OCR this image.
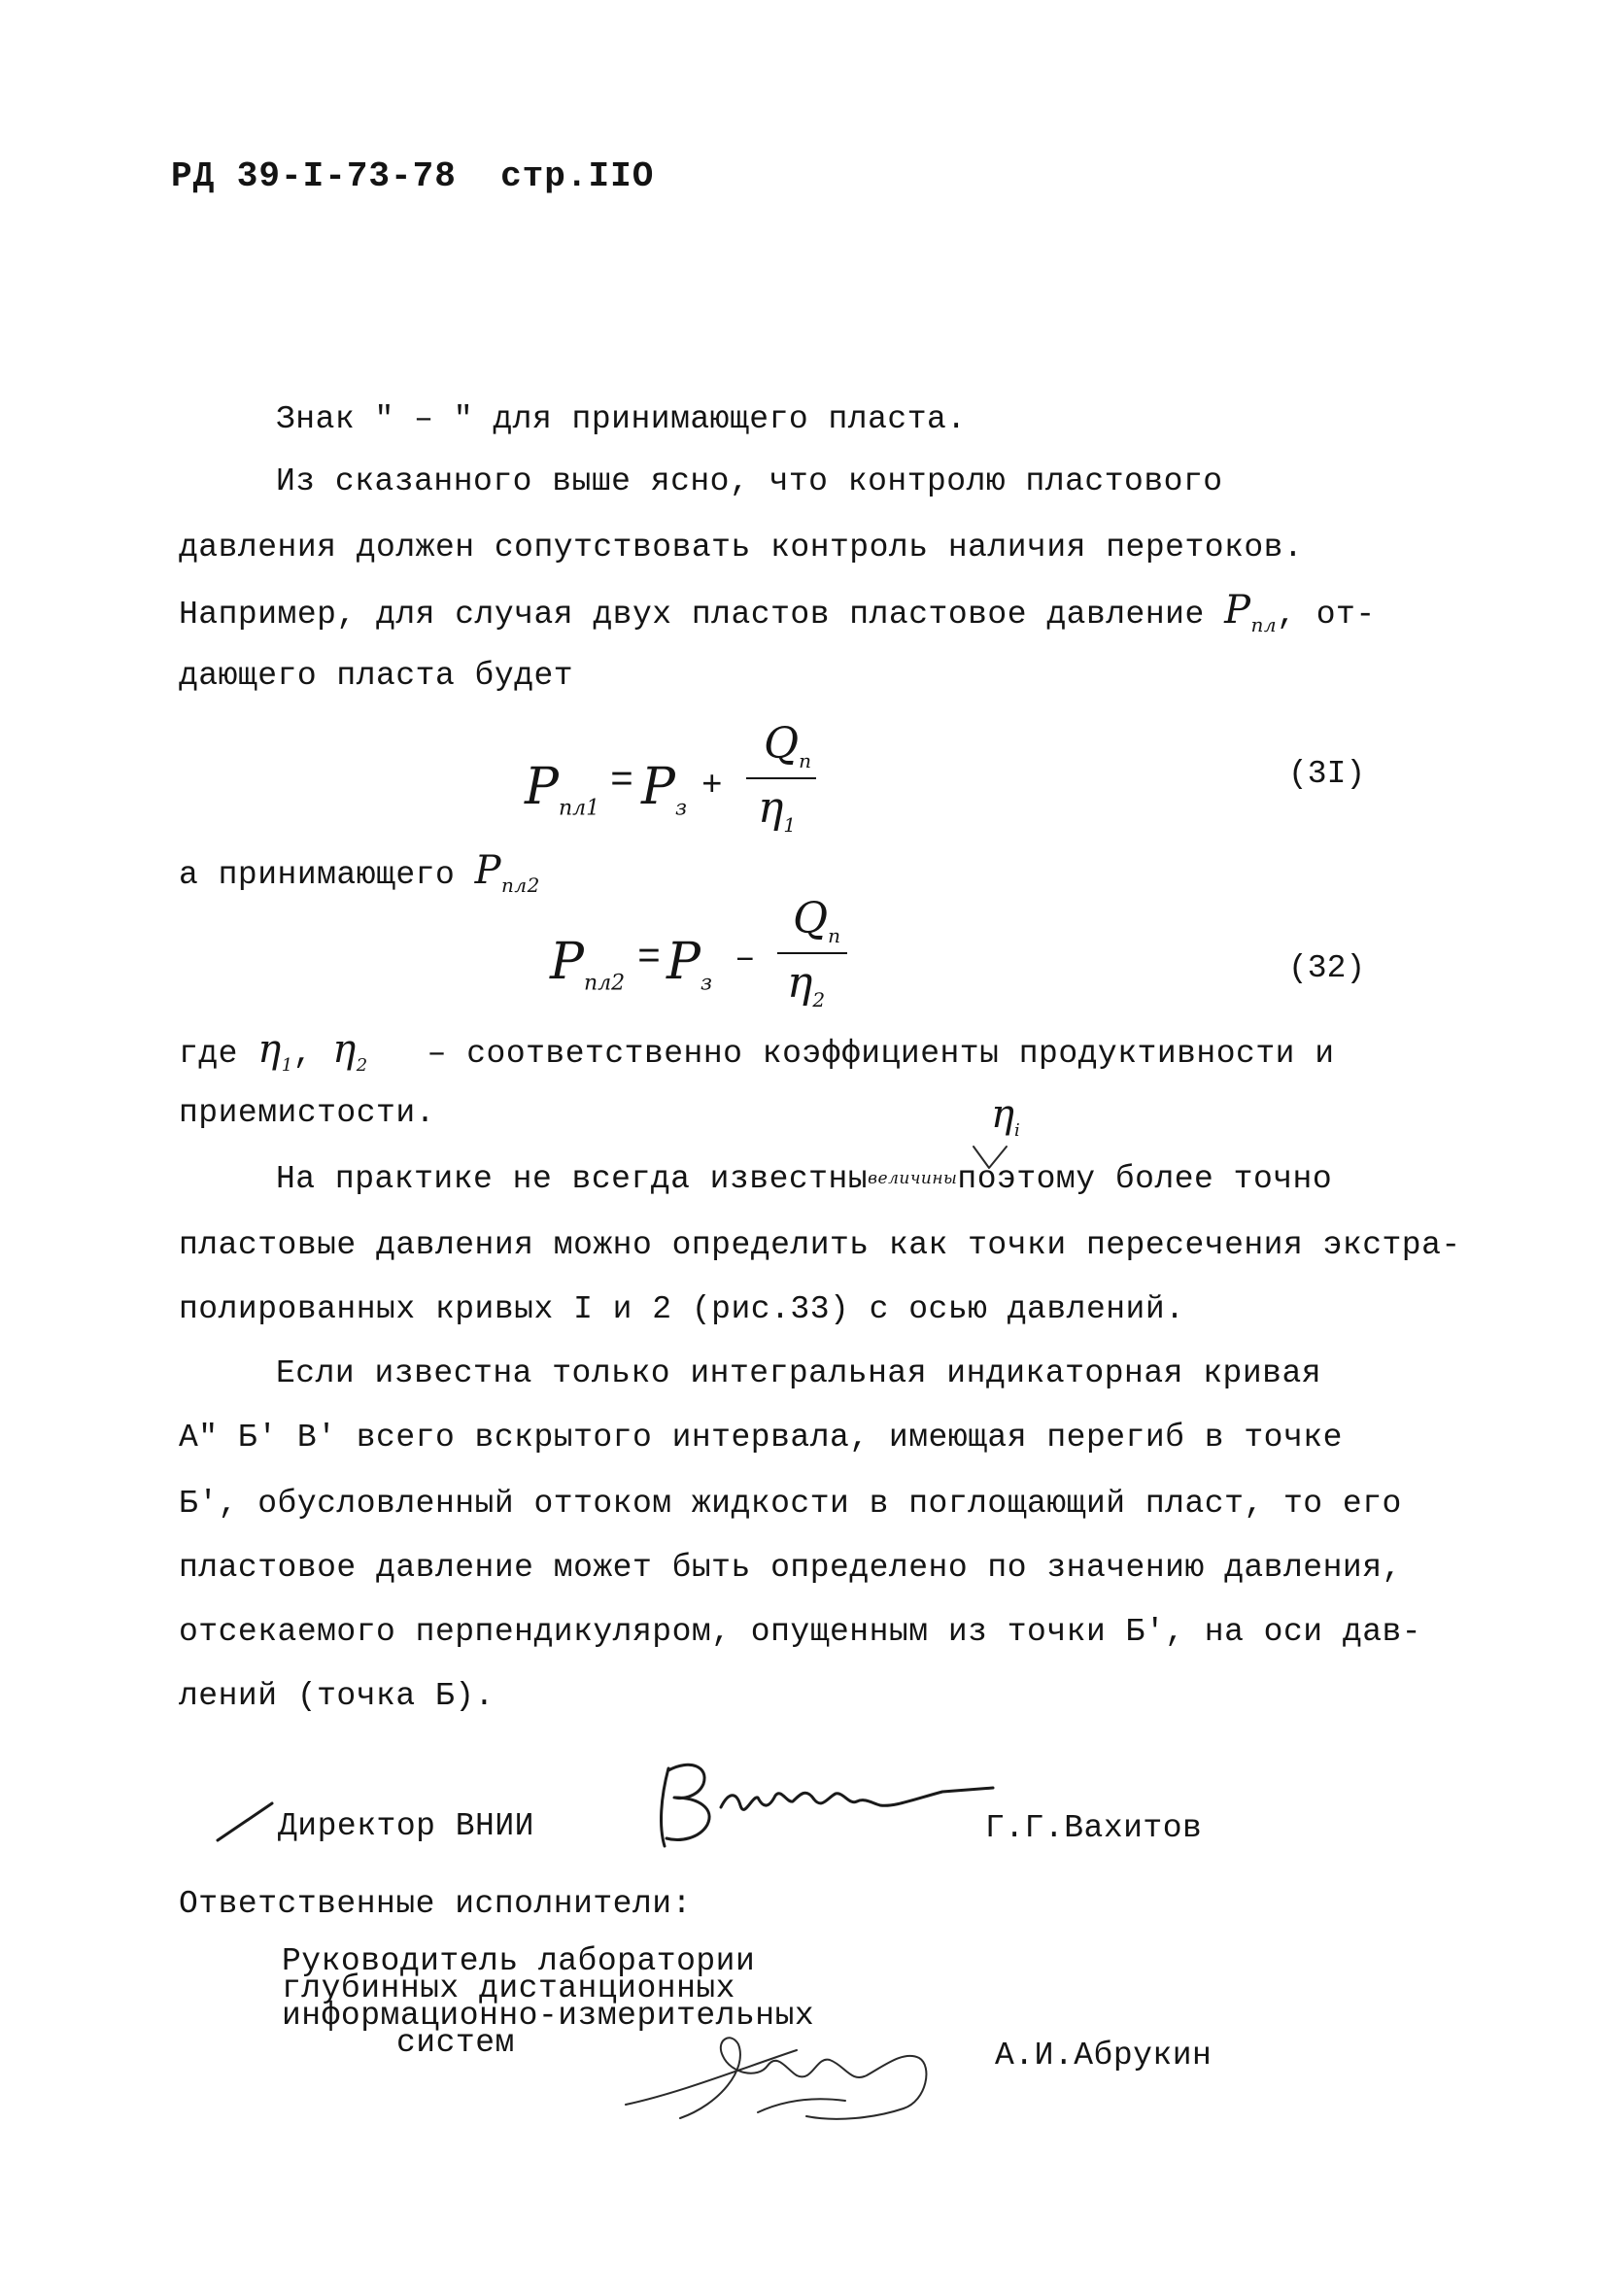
РД 39-I-73-78 стр.IIO
Знак " – " для принимающего пласта.
Из сказанного выше ясно, что контролю пластового
давления должен сопутствовать контроль наличия перетоков.
Например, для случая двух пластов пластовое давление $P_{пл}$, от-
дающего пласта будет
$P_{пл1}$
= $P_з$
+
$Q_п$
$\eta_1$
(3I)
а принимающего $P_{пл2}$
$P_{пл2}$
= $P_з$
–
$Q_п$
$\eta_2$
(32)
где $\eta_1$, $\eta_2$ – соответственно коэффициенты продуктивности и
приемистости.	$\eta_i$
На практике не всегда известнывеличиныпоэтому более точно
пластовые давления можно определить как точки пересечения экстра-
полированных кривых I и 2 (рис.33) с осью давлений.
Если известна только интегральная индикаторная кривая
А" Б' В' всего вскрытого интервала, имеющая перегиб в точке
Б', обусловленный оттоком жидкости в поглощающий пласт, то его
пластовое давление может быть определено по значению давления,
отсекаемого перпендикуляром, опущенным из точки Б', на оси дав-
лений (точка Б).
Директор ВНИИ	Г.Г.Вахитов
Ответственные исполнители:
Руководитель лаборатории
глубинных дистанционных
информационно-измерительных
систем	А.И.Абрукин
